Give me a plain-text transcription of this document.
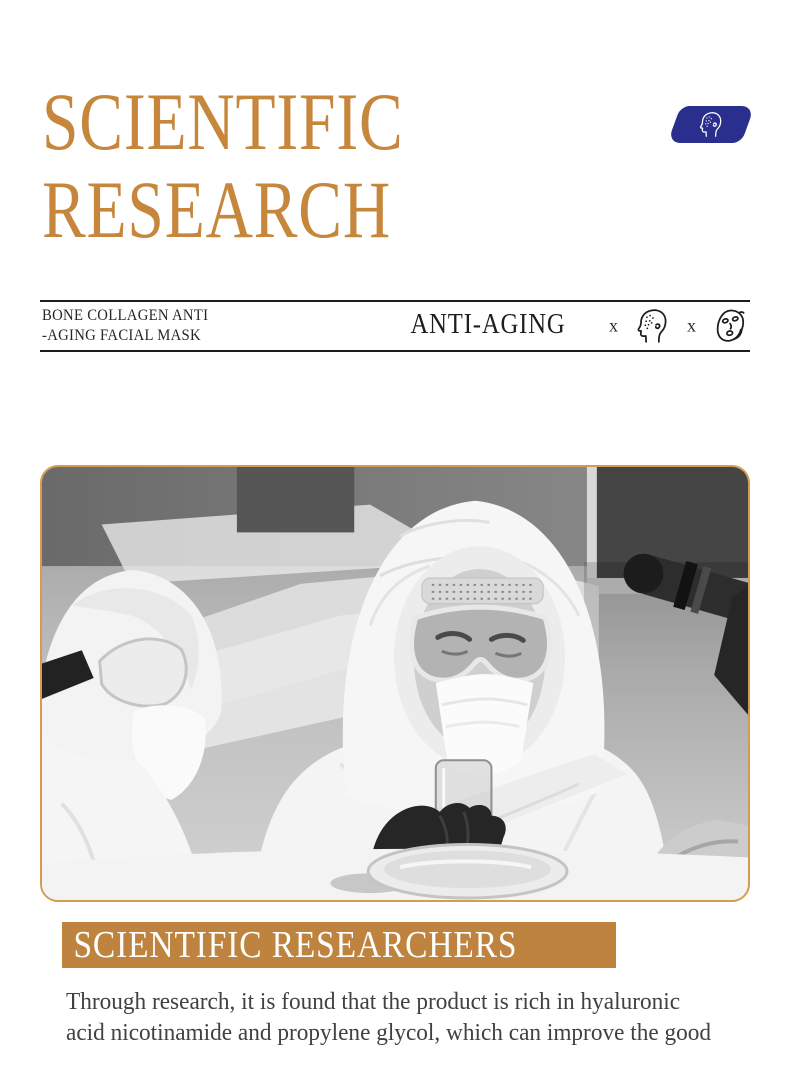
SCIENTIFIC
RESEARCH
BONE COLLAGEN ANTI
-AGING FACIAL MASK	ANTI-AGING x	x
SCIENTIFIC RESEARCHERS

Through research, it is found that the product is rich in hyaluronic
acid nicotinamide and propylene glycol, which can improve the good
